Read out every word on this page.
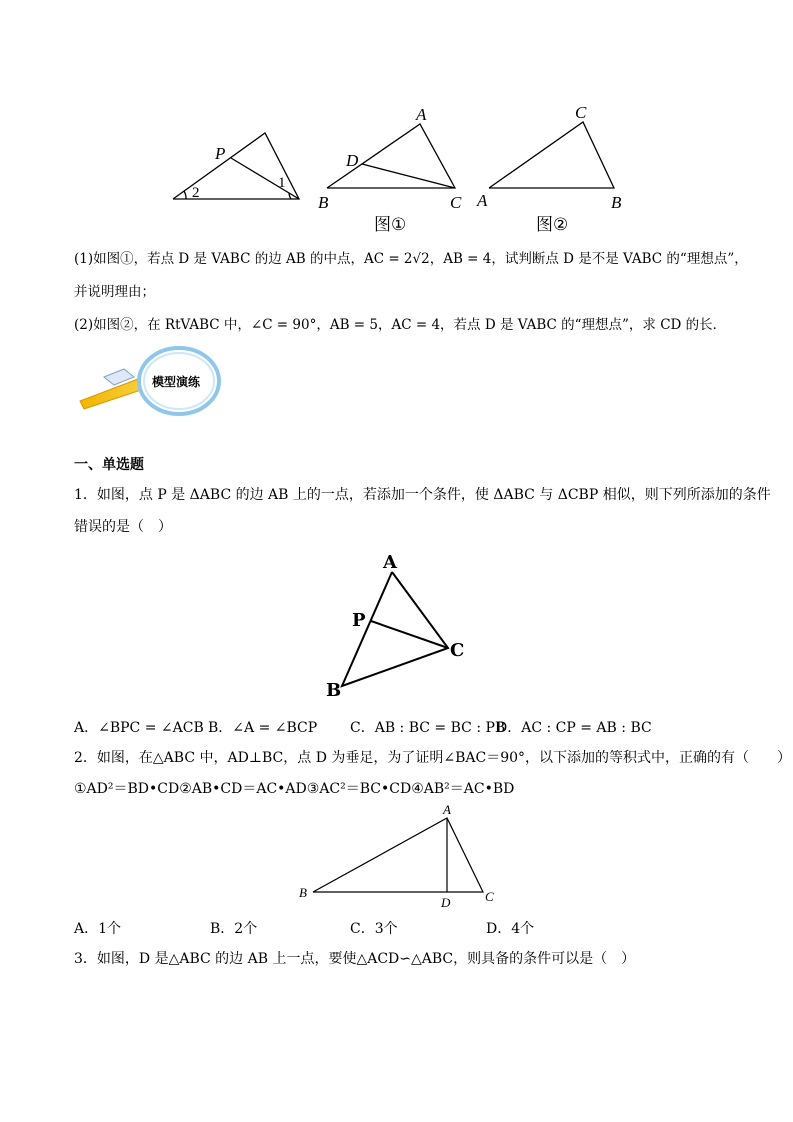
P
2
1
A
D
B	C
图①
C
A	B
图②
(1)如图①，若点 D 是 VABC 的边 AB 的中点，AC = 2√2，AB = 4，试判断点 D 是不是 VABC 的“理想点”，
并说明理由；
(2)如图②，在 RtVABC 中，∠C = 90°，AB = 5，AC = 4，若点 D 是 VABC 的“理想点”，求 CD 的长．
模型演练
一、单选题
1．如图，点 P 是 ΔABC 的边 AB 上的一点，若添加一个条件，使 ΔABC 与 ΔCBP 相似，则下列所添加的条件
错误的是（　）
A
P
C
B
A．∠BPC = ∠ACB B．∠A = ∠BCP C．AB : BC = BC : PB
D．AC : CP = AB : BC
2．如图，在△ABC 中，AD⊥BC，点 D 为垂足，为了证明∠BAC＝90°，以下添加的等积式中，正确的有（　　）
①AD²＝BD•CD②AB•CD＝AC•AD③AC²＝BC•CD④AB²＝AC•BD
A
B
D	C
A．1个	B．2个	C．3个	D．4个
3．如图，D 是△ABC 的边 AB 上一点，要使△ACD∽△ABC，则具备的条件可以是（　）
